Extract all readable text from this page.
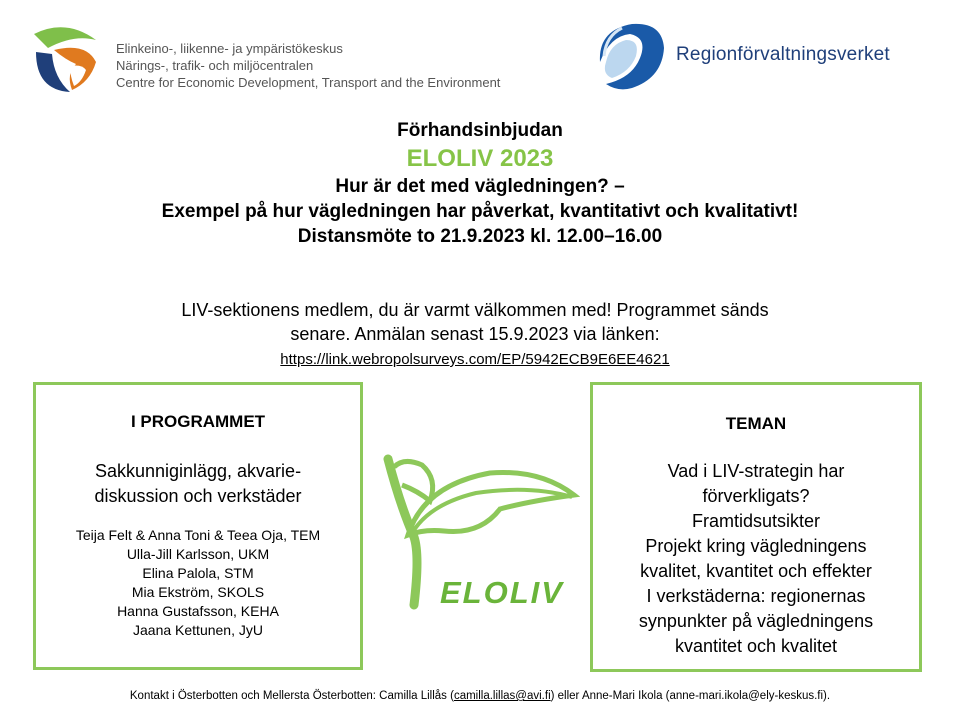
Elinkeino-, liikenne- ja ympäristökeskus
Närings-, trafik- och miljöcentralen
Centre for Economic Development, Transport and the Environment
Regionförvaltningsverket
Förhandsinbjudan
ELOLIV 2023
Hur är det med vägledningen? –
Exempel på hur vägledningen har påverkat, kvantitativt och kvalitativt!
Distansmöte to 21.9.2023 kl. 12.00–16.00
LIV-sektionens medlem, du är varmt välkommen med! Programmet sänds
senare. Anmälan senast 15.9.2023 via länken:
https://link.webropolsurveys.com/EP/5942ECB9E6EE4621
I PROGRAMMET
Sakkunniginlägg, akvarie-
diskussion och verkstäder
Teija Felt & Anna Toni & Teea Oja, TEM
Ulla-Jill Karlsson, UKM
Elina Palola, STM
Mia Ekström, SKOLS
Hanna Gustafsson, KEHA
Jaana Kettunen, JyU
ELOLIV
TEMAN
Vad i LIV-strategin har
förverkligats?
Framtidsutsikter
Projekt kring vägledningens
kvalitet, kvantitet och effekter
I verkstäderna: regionernas
synpunkter på vägledningens
kvantitet och kvalitet
Kontakt i Österbotten och Mellersta Österbotten: Camilla Lillås (camilla.lillas@avi.fi) eller Anne-Mari Ikola (anne-mari.ikola@ely-keskus.fi).
